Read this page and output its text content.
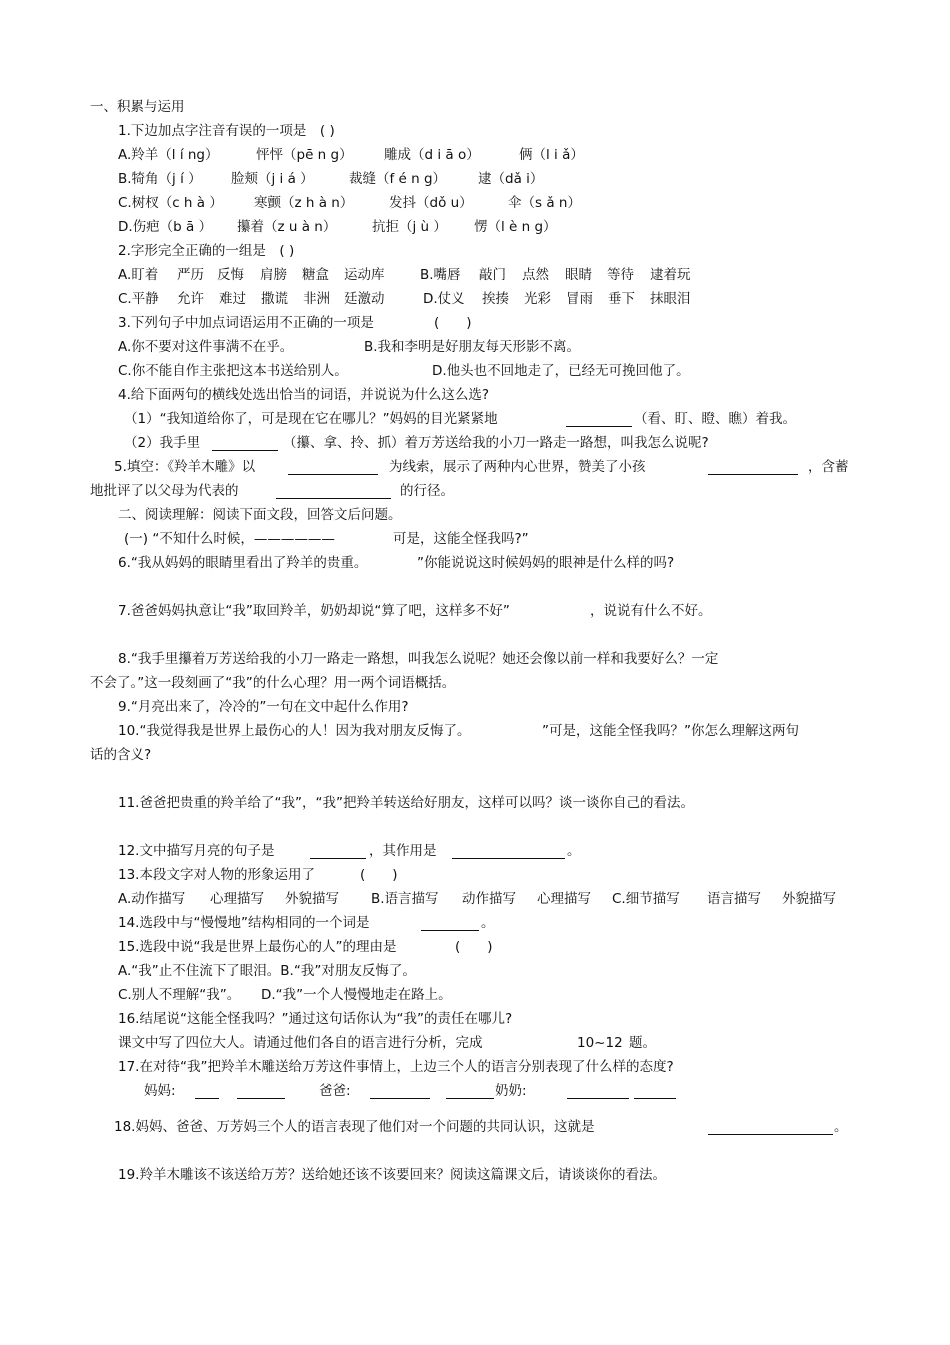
一、积累与运用
1.下边加点字注音有误的一项是　( )
A.羚羊（l í ng）	怦怦（pē n g） 雕成（d i ā o）	俩（l i ǎ）
B.犄角（j í ） 脸颊（j i á ）	裁缝（f é n g） 逮（dǎ i）
C.树杈（c h à ） 寒颤（z h à n）	发抖（dǒ u）	伞（s ǎ n）
D.伤疤（b ā ） 攥着（z u à n）	抗拒（j ù ） 愣（l è n g）
2.字形完全正确的一组是　( )
A.盯着 严历 反悔 肩膀 糖盒 运动库	B.嘴唇 敲门 点然 眼睛 等待 逮着玩
C.平静 允许 难过 撒谎 非洲 廷激动	D.仗义 挨揍 光彩 冒雨 垂下 抹眼泪
3.下列句子中加点词语运用不正确的一项是	(　　)
A.你不要对这件事满不在乎。	B.我和李明是好朋友每天形影不离。
C.你不能自作主张把这本书送给别人。	D.他头也不回地走了，已经无可挽回他了。
4.给下面两句的横线处选出恰当的词语，并说说为什么这么选?
（1）“我知道给你了，可是现在它在哪儿？”妈妈的目光紧紧地	（看、盯、瞪、瞧）着我。
（2）我手里	（攥、拿、拎、抓）着万芳送给我的小刀一路走一路想，叫我怎么说呢?
5.填空：《羚羊木雕》以	为线索，展示了两种内心世界，赞美了小孩	，含蓄
地批评了以父母为代表的	的行径。
二、阅读理解：阅读下面文段，回答文后问题。
(一) “不知什么时候，——————	可是，这能全怪我吗?”
6.“我从妈妈的眼睛里看出了羚羊的贵重。	”你能说说这时候妈妈的眼神是什么样的吗?
7.爸爸妈妈执意让“我”取回羚羊，奶奶却说“算了吧，这样多不好”	，说说有什么不好。
8.“我手里攥着万芳送给我的小刀一路走一路想，叫我怎么说呢？她还会像以前一样和我要好么？一定
不会了。”这一段刻画了“我”的什么心理？用一两个词语概括。
9.“月亮出来了，冷冷的”一句在文中起什么作用?
10.“我觉得我是世界上最伤心的人！因为我对朋友反悔了。	”可是，这能全怪我吗？”你怎么理解这两句
话的含义?
11.爸爸把贵重的羚羊给了“我”，“我”把羚羊转送给好朋友，这样可以吗？谈一谈你自己的看法。
12.文中描写月亮的句子是	，其作用是	。
13.本段文字对人物的形象运用了	(　　)
A.动作描写 心理描写 外貌描写 B.语言描写 动作描写 心理描写 C.细节描写 语言描写 外貌描写
14.选段中与“慢慢地”结构相同的一个词是	。
15.选段中说“我是世界上最伤心的人”的理由是	(　　)
A.“我”止不住流下了眼泪。B.“我”对朋友反悔了。
C.别人不理解“我”。 D.“我”一个人慢慢地走在路上。
16.结尾说“这能全怪我吗？”通过这句话你认为“我”的责任在哪儿?
课文中写了四位大人。请通过他们各自的语言进行分析，完成	10~12 题。
17.在对待“我”把羚羊木雕送给万芳这件事情上，上边三个人的语言分别表现了什么样的态度?
妈妈:	爸爸:	奶奶:
18.妈妈、爸爸、万芳妈三个人的语言表现了他们对一个问题的共同认识，这就是	。
19.羚羊木雕该不该送给万芳？送给她还该不该要回来？阅读这篇课文后，请谈谈你的看法。
